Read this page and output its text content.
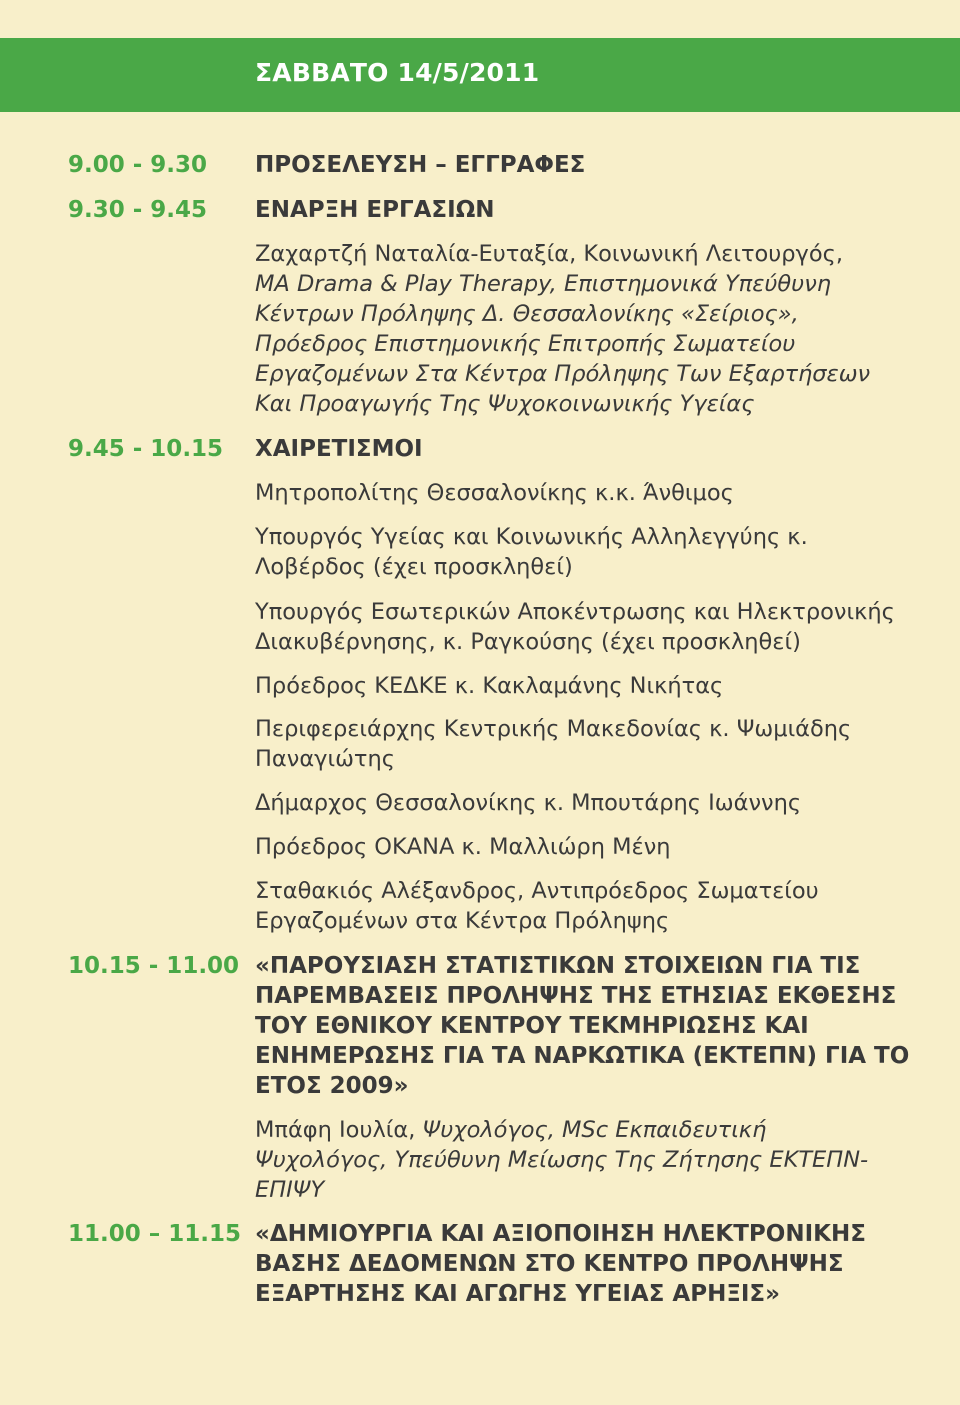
ΣΑΒΒΑΤΟ 14/5/2011
9.00 - 9.30 ΠΡΟΣΕΛΕΥΣΗ – ΕΓΓΡΑΦΕΣ
9.30 - 9.45 ΕΝΑΡΞΗ ΕΡΓΑΣΙΩΝ
Ζαχαρτζή Ναταλία-Ευταξία, Κοινωνική Λειτουργός,
MA Drama & Play Therapy, Επιστημονικά Υπεύθυνη
Κέντρων Πρόληψης Δ. Θεσσαλονίκης «Σείριος»,
Πρόεδρος Επιστημονικής Επιτροπής Σωματείου
Εργαζομένων Στα Κέντρα Πρόληψης Των Εξαρτήσεων
Και Προαγωγής Της Ψυχοκοινωνικής Υγείας
9.45 - 10.15 ΧΑΙΡΕΤΙΣΜΟΙ
Μητροπολίτης Θεσσαλονίκης κ.κ. Άνθιμος
Υπουργός Υγείας και Κοινωνικής Αλληλεγγύης κ.
Λοβέρδος (έχει προσκληθεί)
Υπουργός Εσωτερικών Αποκέντρωσης και Ηλεκτρονικής
Διακυβέρνησης, κ. Ραγκούσης (έχει προσκληθεί)
Πρόεδρος ΚΕΔΚΕ κ. Κακλαμάνης Νικήτας
Περιφερειάρχης Κεντρικής Μακεδονίας κ. Ψωμιάδης
Παναγιώτης
Δήμαρχος Θεσσαλονίκης κ. Μπουτάρης Ιωάννης
Πρόεδρος ΟΚΑΝΑ κ. Μαλλιώρη Μένη
Σταθακιός Αλέξανδρος, Αντιπρόεδρος Σωματείου
Εργαζομένων στα Κέντρα Πρόληψης
10.15 - 11.00 «ΠΑΡΟΥΣΙΑΣΗ ΣΤΑΤΙΣΤΙΚΩΝ ΣΤΟΙΧΕΙΩΝ ΓΙΑ ΤΙΣ
ΠΑΡΕΜΒΑΣΕΙΣ ΠΡΟΛΗΨΗΣ ΤΗΣ ΕΤΗΣΙΑΣ ΕΚΘΕΣΗΣ
ΤΟΥ ΕΘΝΙΚΟΥ ΚΕΝΤΡΟΥ ΤΕΚΜΗΡΙΩΣΗΣ ΚΑΙ
ΕΝΗΜΕΡΩΣΗΣ ΓΙΑ ΤΑ ΝΑΡΚΩΤΙΚΑ (ΕΚΤΕΠΝ) ΓΙΑ ΤΟ
ΕΤΟΣ 2009»
Μπάφη Ιουλία, Ψυχολόγος, MSc Εκπαιδευτική
Ψυχολόγος, Υπεύθυνη Μείωσης Της Ζήτησης ΕΚΤΕΠΝ-
ΕΠΙΨΥ
11.00 – 11.15 «ΔΗΜΙΟΥΡΓΙΑ ΚΑΙ ΑΞΙΟΠΟΙΗΣΗ ΗΛΕΚΤΡΟΝΙΚΗΣ
ΒΑΣΗΣ ΔΕΔΟΜΕΝΩΝ ΣΤΟ ΚΕΝΤΡΟ ΠΡΟΛΗΨΗΣ
ΕΞΑΡΤΗΣΗΣ ΚΑΙ ΑΓΩΓΗΣ ΥΓΕΙΑΣ ΑΡΗΞΙΣ»
